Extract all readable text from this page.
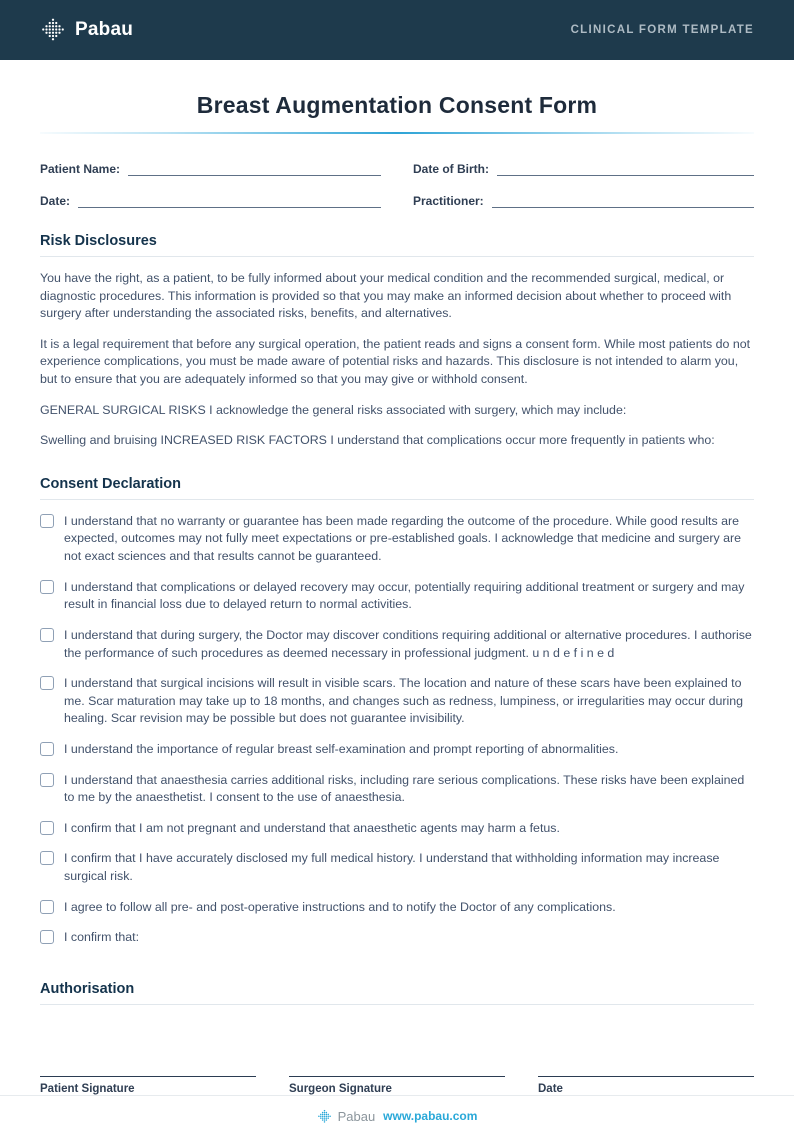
Pabau	CLINICAL FORM TEMPLATE
Breast Augmentation Consent Form
Patient Name:	Date of Birth:
Date:	Practitioner:
Risk Disclosures

You have the right, as a patient, to be fully informed about your medical condition and the recommended surgical, medical, or diagnostic procedures. This information is provided so that you may make an informed decision about whether to proceed with surgery after understanding the associated risks, benefits, and alternatives.

It is a legal requirement that before any surgical operation, the patient reads and signs a consent form. While most patients do not experience complications, you must be made aware of potential risks and hazards. This disclosure is not intended to alarm you, but to ensure that you are adequately informed so that you may give or withhold consent.

GENERAL SURGICAL RISKS I acknowledge the general risks associated with surgery, which may include:

Swelling and bruising INCREASED RISK FACTORS I understand that complications occur more frequently in patients who:

Consent Declaration
I understand that no warranty or guarantee has been made regarding the outcome of the procedure. While good results are expected, outcomes may not fully meet expectations or pre-established goals. I acknowledge that medicine and surgery are not exact sciences and that results cannot be guaranteed.
I understand that complications or delayed recovery may occur, potentially requiring additional treatment or surgery and may result in financial loss due to delayed return to normal activities.
I understand that during surgery, the Doctor may discover conditions requiring additional or alternative procedures. I authorise the performance of such procedures as deemed necessary in professional judgment. u n d e f i n e d
I understand that surgical incisions will result in visible scars. The location and nature of these scars have been explained to me. Scar maturation may take up to 18 months, and changes such as redness, lumpiness, or irregularities may occur during healing. Scar revision may be possible but does not guarantee invisibility.
I understand the importance of regular breast self-examination and prompt reporting of abnormalities.
I understand that anaesthesia carries additional risks, including rare serious complications. These risks have been explained to me by the anaesthetist. I consent to the use of anaesthesia.
I confirm that I am not pregnant and understand that anaesthetic agents may harm a fetus.
I confirm that I have accurately disclosed my full medical history. I understand that withholding information may increase surgical risk.
I agree to follow all pre- and post-operative instructions and to notify the Doctor of any complications.
I confirm that:
Authorisation
Patient Signature	Surgeon Signature	Date
Pabau www.pabau.com
